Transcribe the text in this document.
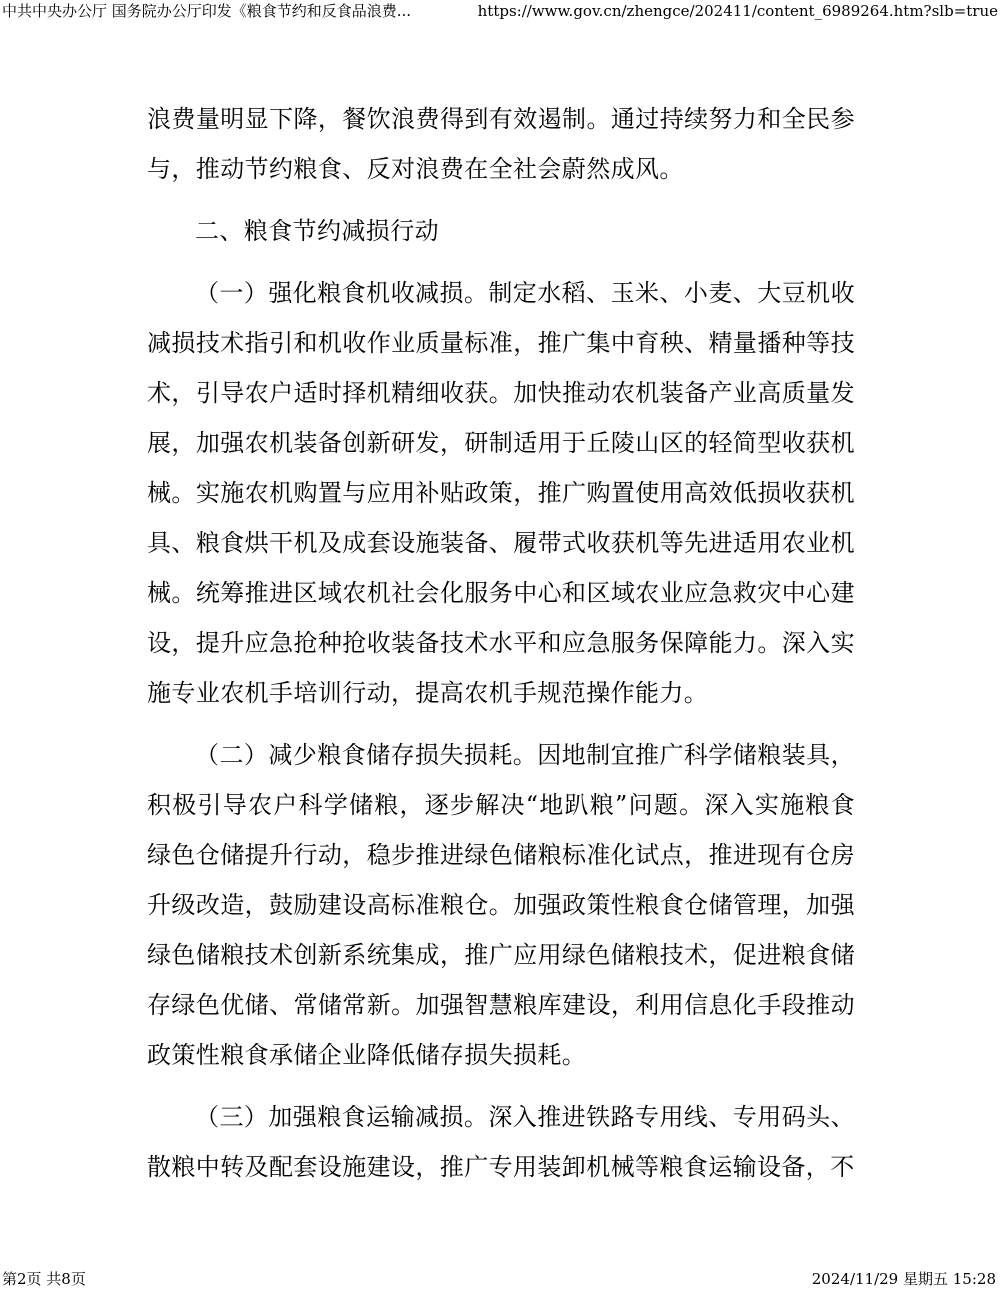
中共中央办公厅 国务院办公厅印发《粮食节约和反食品浪费...	https://www.gov.cn/zhengce/202411/content_6989264.htm?slb=true

浪费量明显下降，餐饮浪费得到有效遏制。通过持续努力和全民参与，推动节约粮食、反对浪费在全社会蔚然成风。

二、粮食节约减损行动

（一）强化粮食机收减损。制定水稻、玉米、小麦、大豆机收减损技术指引和机收作业质量标准，推广集中育秧、精量播种等技术，引导农户适时择机精细收获。加快推动农机装备产业高质量发展，加强农机装备创新研发，研制适用于丘陵山区的轻简型收获机械。实施农机购置与应用补贴政策，推广购置使用高效低损收获机具、粮食烘干机及成套设施装备、履带式收获机等先进适用农业机械。统筹推进区域农机社会化服务中心和区域农业应急救灾中心建设，提升应急抢种抢收装备技术水平和应急服务保障能力。深入实施专业农机手培训行动，提高农机手规范操作能力。

（二）减少粮食储存损失损耗。因地制宜推广科学储粮装具，积极引导农户科学储粮，逐步解决“地趴粮”问题。深入实施粮食绿色仓储提升行动，稳步推进绿色储粮标准化试点，推进现有仓房升级改造，鼓励建设高标准粮仓。加强政策性粮食仓储管理，加强绿色储粮技术创新系统集成，推广应用绿色储粮技术，促进粮食储存绿色优储、常储常新。加强智慧粮库建设，利用信息化手段推动政策性粮食承储企业降低储存损失损耗。

（三）加强粮食运输减损。深入推进铁路专用线、专用码头、散粮中转及配套设施建设，推广专用装卸机械等粮食运输设备，不

第2页 共8页	2024/11/29 星期五 15:28
